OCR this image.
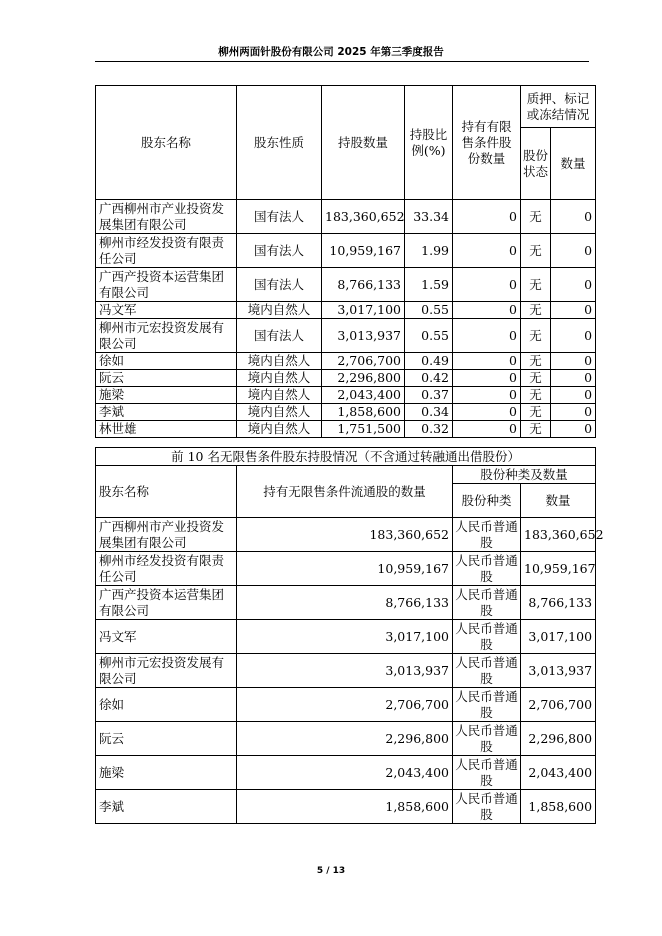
柳州两面针股份有限公司 2025 年第三季度报告
股东名称	股东性质	持股数量	持股比例(%)	持有有限售条件股份数量	质押、标记或冻结情况	
					股份状态	数量
广西柳州市产业投资发展集团有限公司	国有法人	183,360,652	33.34	0	无	0
柳州市经发投资有限责任公司	国有法人	10,959,167	1.99	0	无	0
广西产投资本运营集团有限公司	国有法人	8,766,133	1.59	0	无	0
冯文军	境内自然人	3,017,100	0.55	0	无	0
柳州市元宏投资发展有限公司	国有法人	3,013,937	0.55	0	无	0
徐如	境内自然人	2,706,700	0.49	0	无	0
阮云	境内自然人	2,296,800	0.42	0	无	0
施梁	境内自然人	2,043,400	0.37	0	无	0
李斌	境内自然人	1,858,600	0.34	0	无	0
林世雄	境内自然人	1,751,500	0.32	0	无	0
前 10 名无限售条件股东持股情况（不含通过转融通出借股份）			
股东名称	持有无限售条件流通股的数量	股份种类及数量	
		股份种类	数量
广西柳州市产业投资发展集团有限公司	183,360,652	人民币普通股	183,360,652
柳州市经发投资有限责任公司	10,959,167	人民币普通股	10,959,167
广西产投资本运营集团有限公司	8,766,133	人民币普通股	8,766,133
冯文军	3,017,100	人民币普通股	3,017,100
柳州市元宏投资发展有限公司	3,013,937	人民币普通股	3,013,937
徐如	2,706,700	人民币普通股	2,706,700
阮云	2,296,800	人民币普通股	2,296,800
施梁	2,043,400	人民币普通股	2,043,400
李斌	1,858,600	人民币普通股	1,858,600
5 / 13
